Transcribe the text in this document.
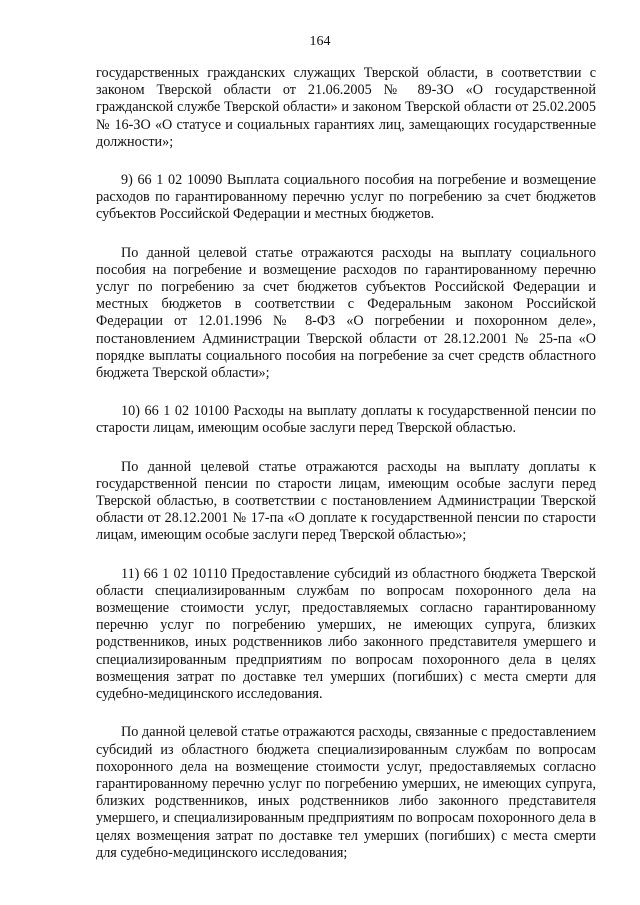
164

государственных гражданских служащих Тверской области, в соответствии с законом Тверской области от 21.06.2005 № 89-ЗО «О государственной гражданской службе Тверской области» и законом Тверской области от 25.02.2005 № 16-ЗО «О статусе и социальных гарантиях лиц, замещающих государственные должности»;

9) 66 1 02 10090 Выплата социального пособия на погребение и возмещение расходов по гарантированному перечню услуг по погребению за счет бюджетов субъектов Российской Федерации и местных бюджетов.

По данной целевой статье отражаются расходы на выплату социального пособия на погребение и возмещение расходов по гарантированному перечню услуг по погребению за счет бюджетов субъектов Российской Федерации и местных бюджетов в соответствии с Федеральным законом Российской Федерации от 12.01.1996 № 8-ФЗ «О погребении и похоронном деле», постановлением Администрации Тверской области от 28.12.2001 № 25-па «О порядке выплаты социального пособия на погребение за счет средств областного бюджета Тверской области»;

10) 66 1 02 10100 Расходы на выплату доплаты к государственной пенсии по старости лицам, имеющим особые заслуги перед Тверской областью.

По данной целевой статье отражаются расходы на выплату доплаты к государственной пенсии по старости лицам, имеющим особые заслуги перед Тверской областью, в соответствии с постановлением Администрации Тверской области от 28.12.2001 № 17-па «О доплате к государственной пенсии по старости лицам, имеющим особые заслуги перед Тверской областью»;

11) 66 1 02 10110 Предоставление субсидий из областного бюджета Тверской области специализированным службам по вопросам похоронного дела на возмещение стоимости услуг, предоставляемых согласно гарантированному перечню услуг по погребению умерших, не имеющих супруга, близких родственников, иных родственников либо законного представителя умершего и специализированным предприятиям по вопросам похоронного дела в целях возмещения затрат по доставке тел умерших (погибших) с места смерти для судебно-медицинского исследования.

По данной целевой статье отражаются расходы, связанные с предоставлением субсидий из областного бюджета специализированным службам по вопросам похоронного дела на возмещение стоимости услуг, предоставляемых согласно гарантированному перечню услуг по погребению умерших, не имеющих супруга, близких родственников, иных родственников либо законного представителя умершего, и специализированным предприятиям по вопросам похоронного дела в целях возмещения затрат по доставке тел умерших (погибших) с места смерти для судебно-медицинского исследования;
